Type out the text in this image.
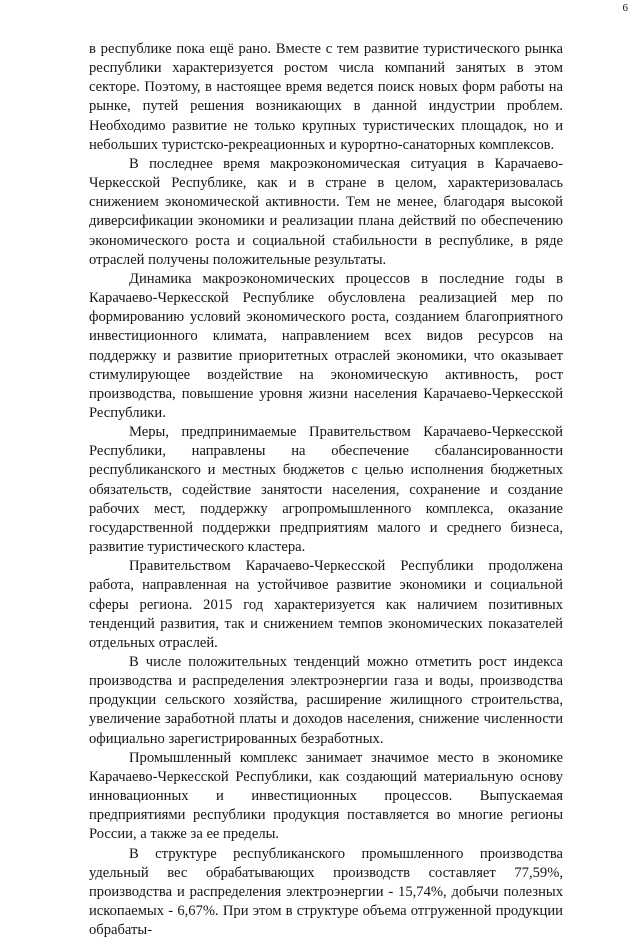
6

в республике пока ещё рано. Вместе с тем развитие туристического рынка республики характеризуется ростом числа компаний занятых в этом секторе. Поэтому, в настоящее время ведется поиск новых форм работы на рынке, путей решения возникающих в данной индустрии проблем. Необходимо развитие не только крупных туристических площадок, но и небольших туристско-рекреационных и курортно-санаторных комплексов.

В последнее время макроэкономическая ситуация в Карачаево-Черкесской Республике, как и в стране в целом, характеризовалась снижением экономической активности. Тем не менее, благодаря высокой диверсификации экономики и реализации плана действий по обеспечению экономического роста и социальной стабильности в республике, в ряде отраслей получены положительные результаты.

Динамика макроэкономических процессов в последние годы в Карачаево-Черкесской Республике обусловлена реализацией мер по формированию условий экономического роста, созданием благоприятного инвестиционного климата, направлением всех видов ресурсов на поддержку и развитие приоритетных отраслей экономики, что оказывает стимулирующее воздействие на экономическую активность, рост производства, повышение уровня жизни населения Карачаево-Черкесской Республики.

Меры, предпринимаемые Правительством Карачаево-Черкесской Республики, направлены на обеспечение сбалансированности республиканского и местных бюджетов с целью исполнения бюджетных обязательств, содействие занятости населения, сохранение и создание рабочих мест, поддержку агропромышленного комплекса, оказание государственной поддержки предприятиям малого и среднего бизнеса, развитие туристического кластера.

Правительством Карачаево-Черкесской Республики продолжена работа, направленная на устойчивое развитие экономики и социальной сферы региона. 2015 год характеризуется как наличием позитивных тенденций развития, так и снижением темпов экономических показателей отдельных отраслей.

В числе положительных тенденций можно отметить рост индекса производства и распределения электроэнергии газа и воды, производства продукции сельского хозяйства, расширение жилищного строительства, увеличение заработной платы и доходов населения, снижение численности официально зарегистрированных безработных.

Промышленный комплекс занимает значимое место в экономике Карачаево-Черкесской Республики, как создающий материальную основу инновационных и инвестиционных процессов. Выпускаемая предприятиями республики продукция поставляется во многие регионы России, а также за ее пределы.

В структуре республиканского промышленного производства удельный вес обрабатывающих производств составляет 77,59%, производства и распределения электроэнергии - 15,74%, добычи полезных ископаемых - 6,67%. При этом в структуре объема отгруженной продукции обрабаты-
